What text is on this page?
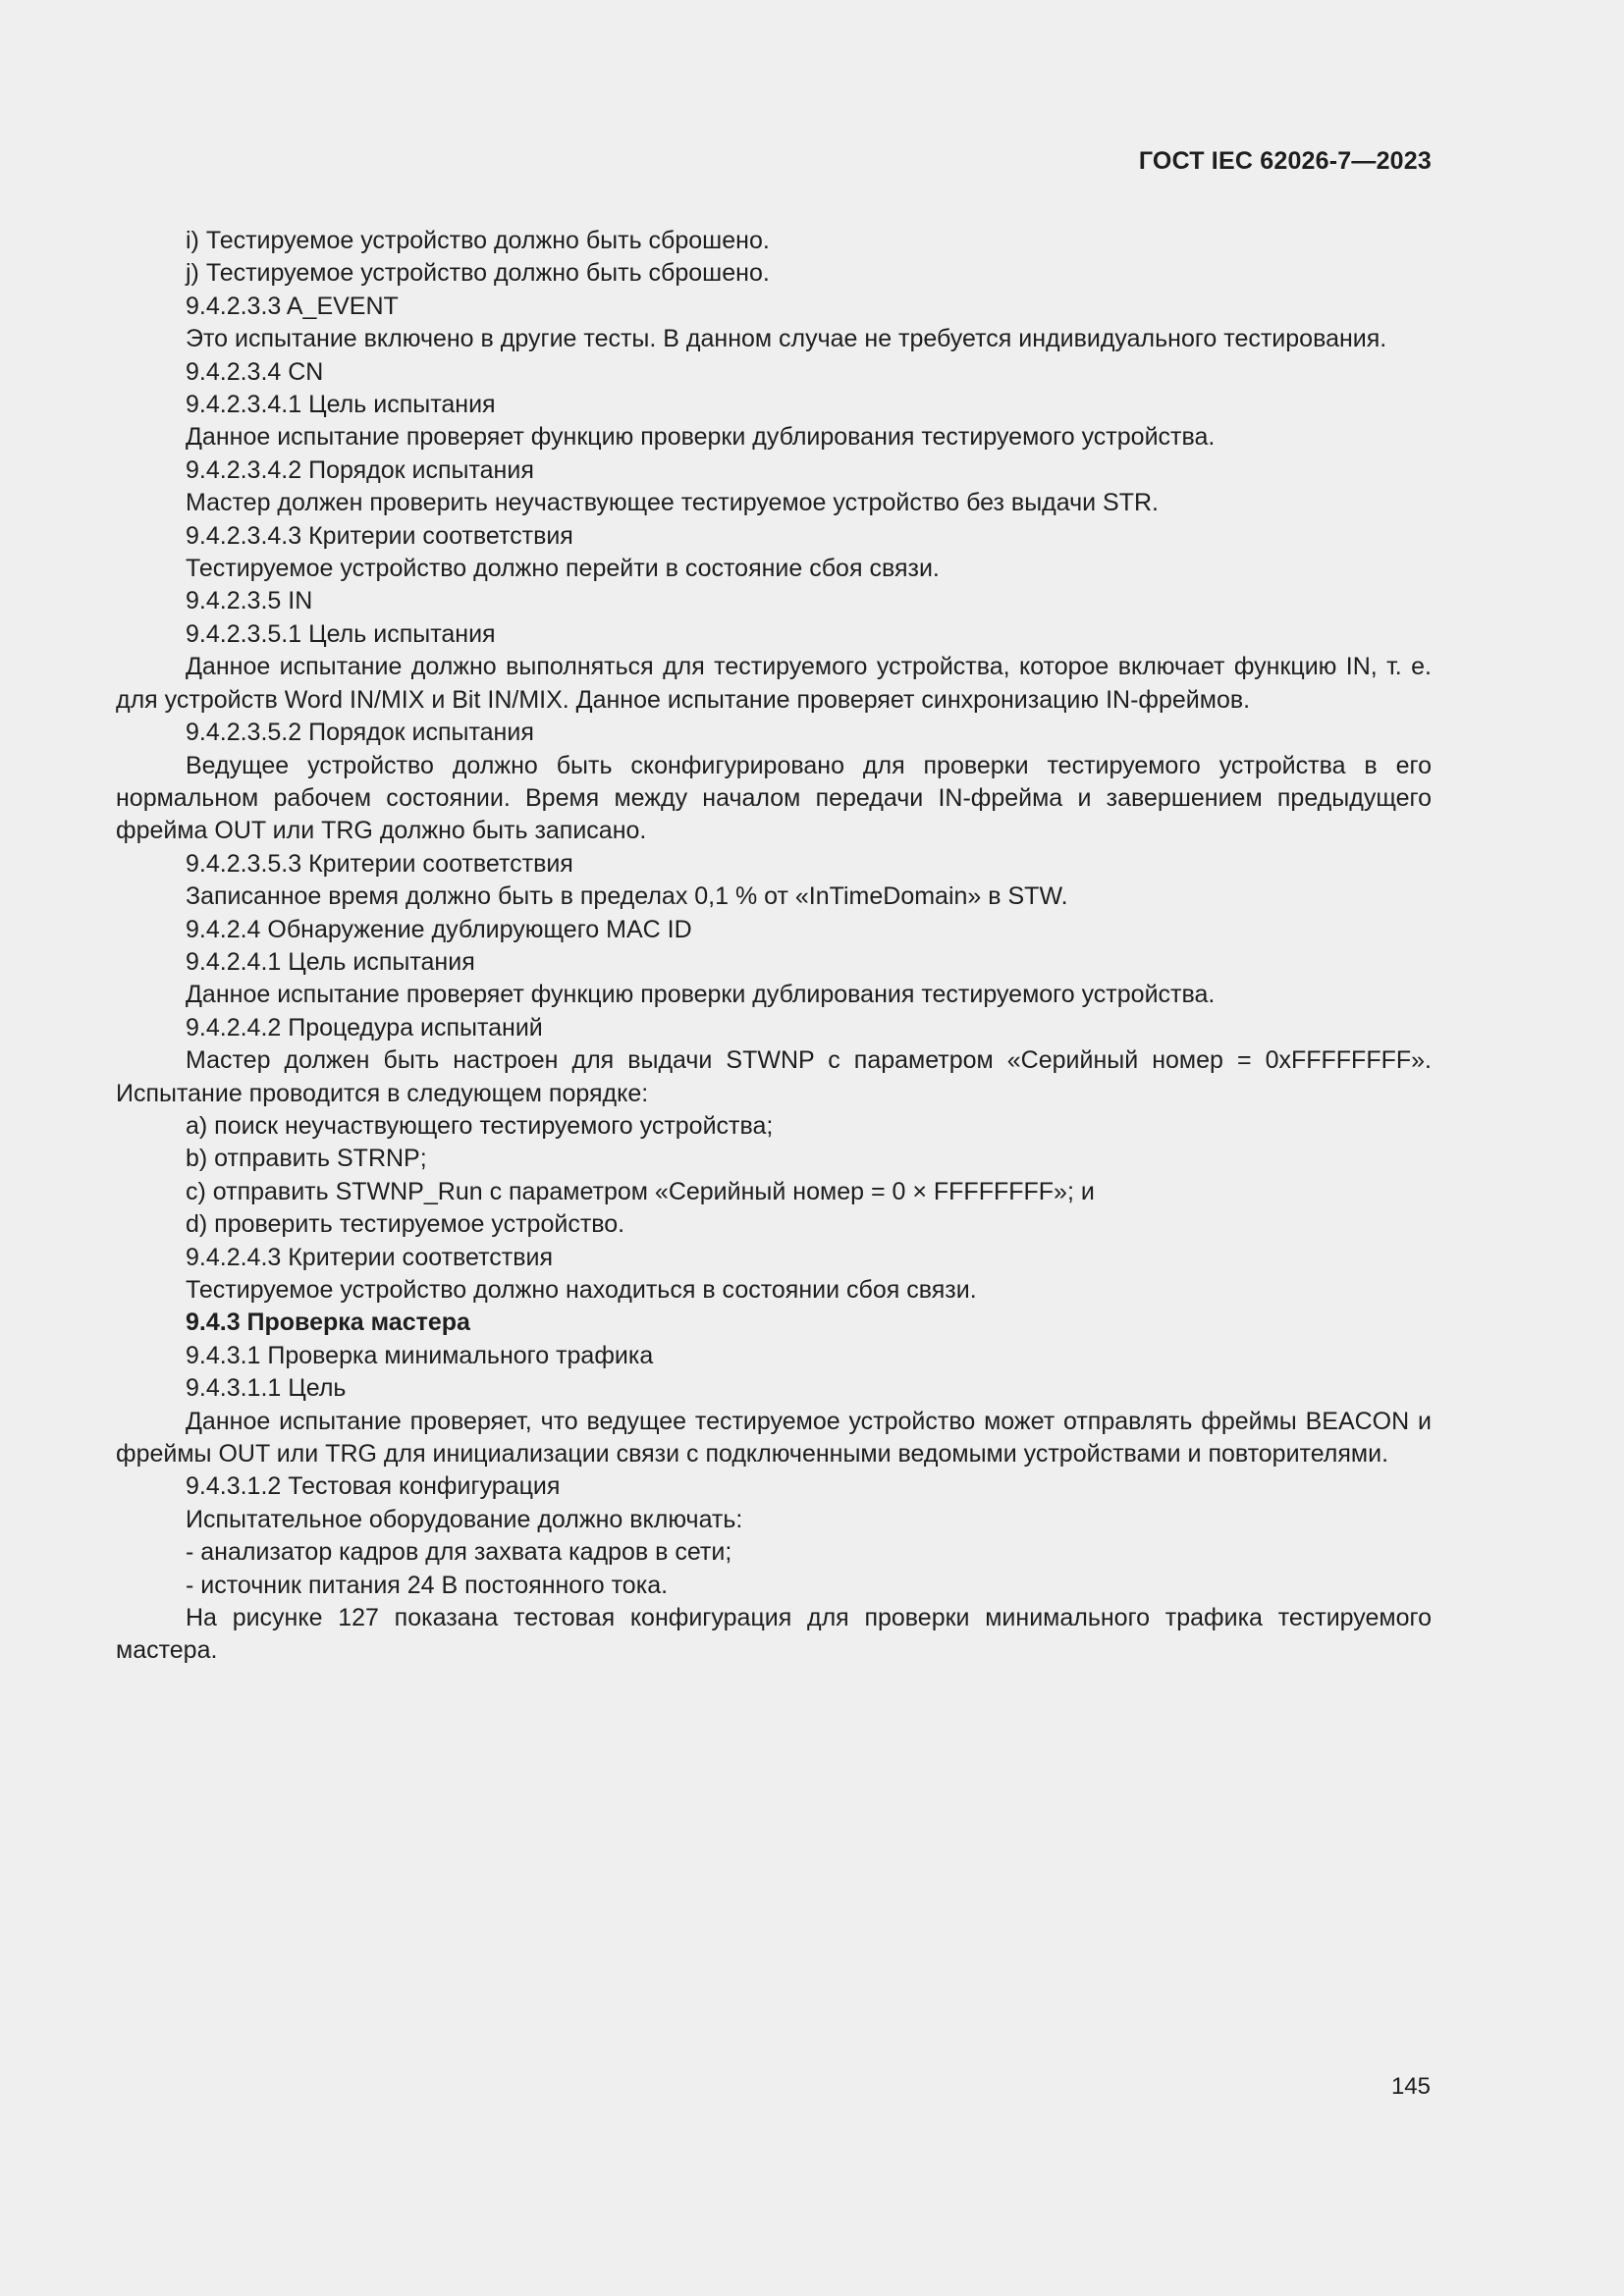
ГОСТ IEC 62026-7—2023

i) Тестируемое устройство должно быть сброшено.

j) Тестируемое устройство должно быть сброшено.

9.4.2.3.3 A_EVENT

Это испытание включено в другие тесты. В данном случае не требуется индивидуального тестирования.

9.4.2.3.4 CN

9.4.2.3.4.1 Цель испытания

Данное испытание проверяет функцию проверки дублирования тестируемого устройства.

9.4.2.3.4.2 Порядок испытания

Мастер должен проверить неучаствующее тестируемое устройство без выдачи STR.

9.4.2.3.4.3 Критерии соответствия

Тестируемое устройство должно перейти в состояние сбоя связи.

9.4.2.3.5 IN

9.4.2.3.5.1 Цель испытания

Данное испытание должно выполняться для тестируемого устройства, которое включает функцию IN, т. е. для устройств Word IN/MIX и Bit IN/MIX. Данное испытание проверяет синхронизацию IN-фреймов.

9.4.2.3.5.2 Порядок испытания

Ведущее устройство должно быть сконфигурировано для проверки тестируемого устройства в его нормальном рабочем состоянии. Время между началом передачи IN-фрейма и завершением предыдущего фрейма OUT или TRG должно быть записано.

9.4.2.3.5.3 Критерии соответствия

Записанное время должно быть в пределах 0,1 % от «InTimeDomain» в STW.

9.4.2.4 Обнаружение дублирующего MAC ID

9.4.2.4.1 Цель испытания

Данное испытание проверяет функцию проверки дублирования тестируемого устройства.

9.4.2.4.2 Процедура испытаний

Мастер должен быть настроен для выдачи STWNP с параметром «Серийный номер = 0xFFFFFFFF». Испытание проводится в следующем порядке:

a) поиск неучаствующего тестируемого устройства;

b) отправить STRNP;

c) отправить STWNP_Run с параметром «Серийный номер = 0 × FFFFFFFF»; и

d) проверить тестируемое устройство.

9.4.2.4.3 Критерии соответствия

Тестируемое устройство должно находиться в состоянии сбоя связи.

9.4.3 Проверка мастера

9.4.3.1 Проверка минимального трафика

9.4.3.1.1 Цель

Данное испытание проверяет, что ведущее тестируемое устройство может отправлять фреймы BEACON и фреймы OUT или TRG для инициализации связи с подключенными ведомыми устройствами и повторителями.

9.4.3.1.2 Тестовая конфигурация

Испытательное оборудование должно включать:

- анализатор кадров для захвата кадров в сети;

- источник питания 24 В постоянного тока.

На рисунке 127 показана тестовая конфигурация для проверки минимального трафика тестируемого мастера.

145
